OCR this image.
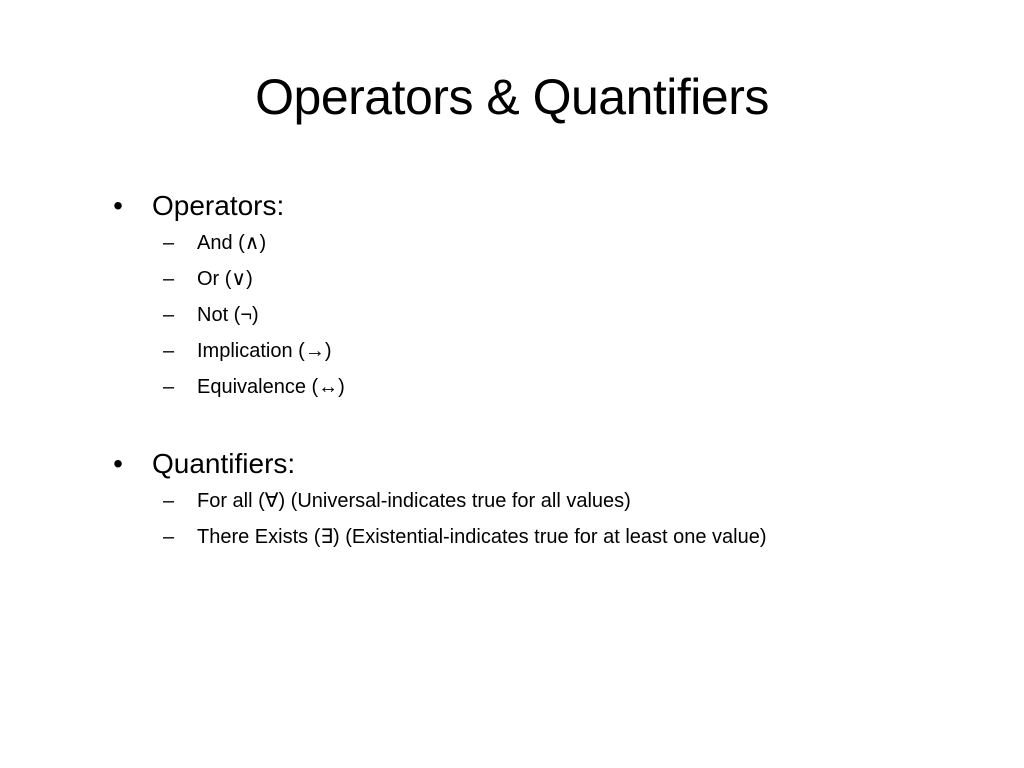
Operators & Quantifiers
• Operators:
– And (∧)
– Or (∨)
– Not (¬)
– Implication (→)
– Equivalence (↔)
• Quantifiers:
– For all (∀) (Universal-indicates true for all values)
– There Exists (∃) (Existential-indicates true for at least one value)
